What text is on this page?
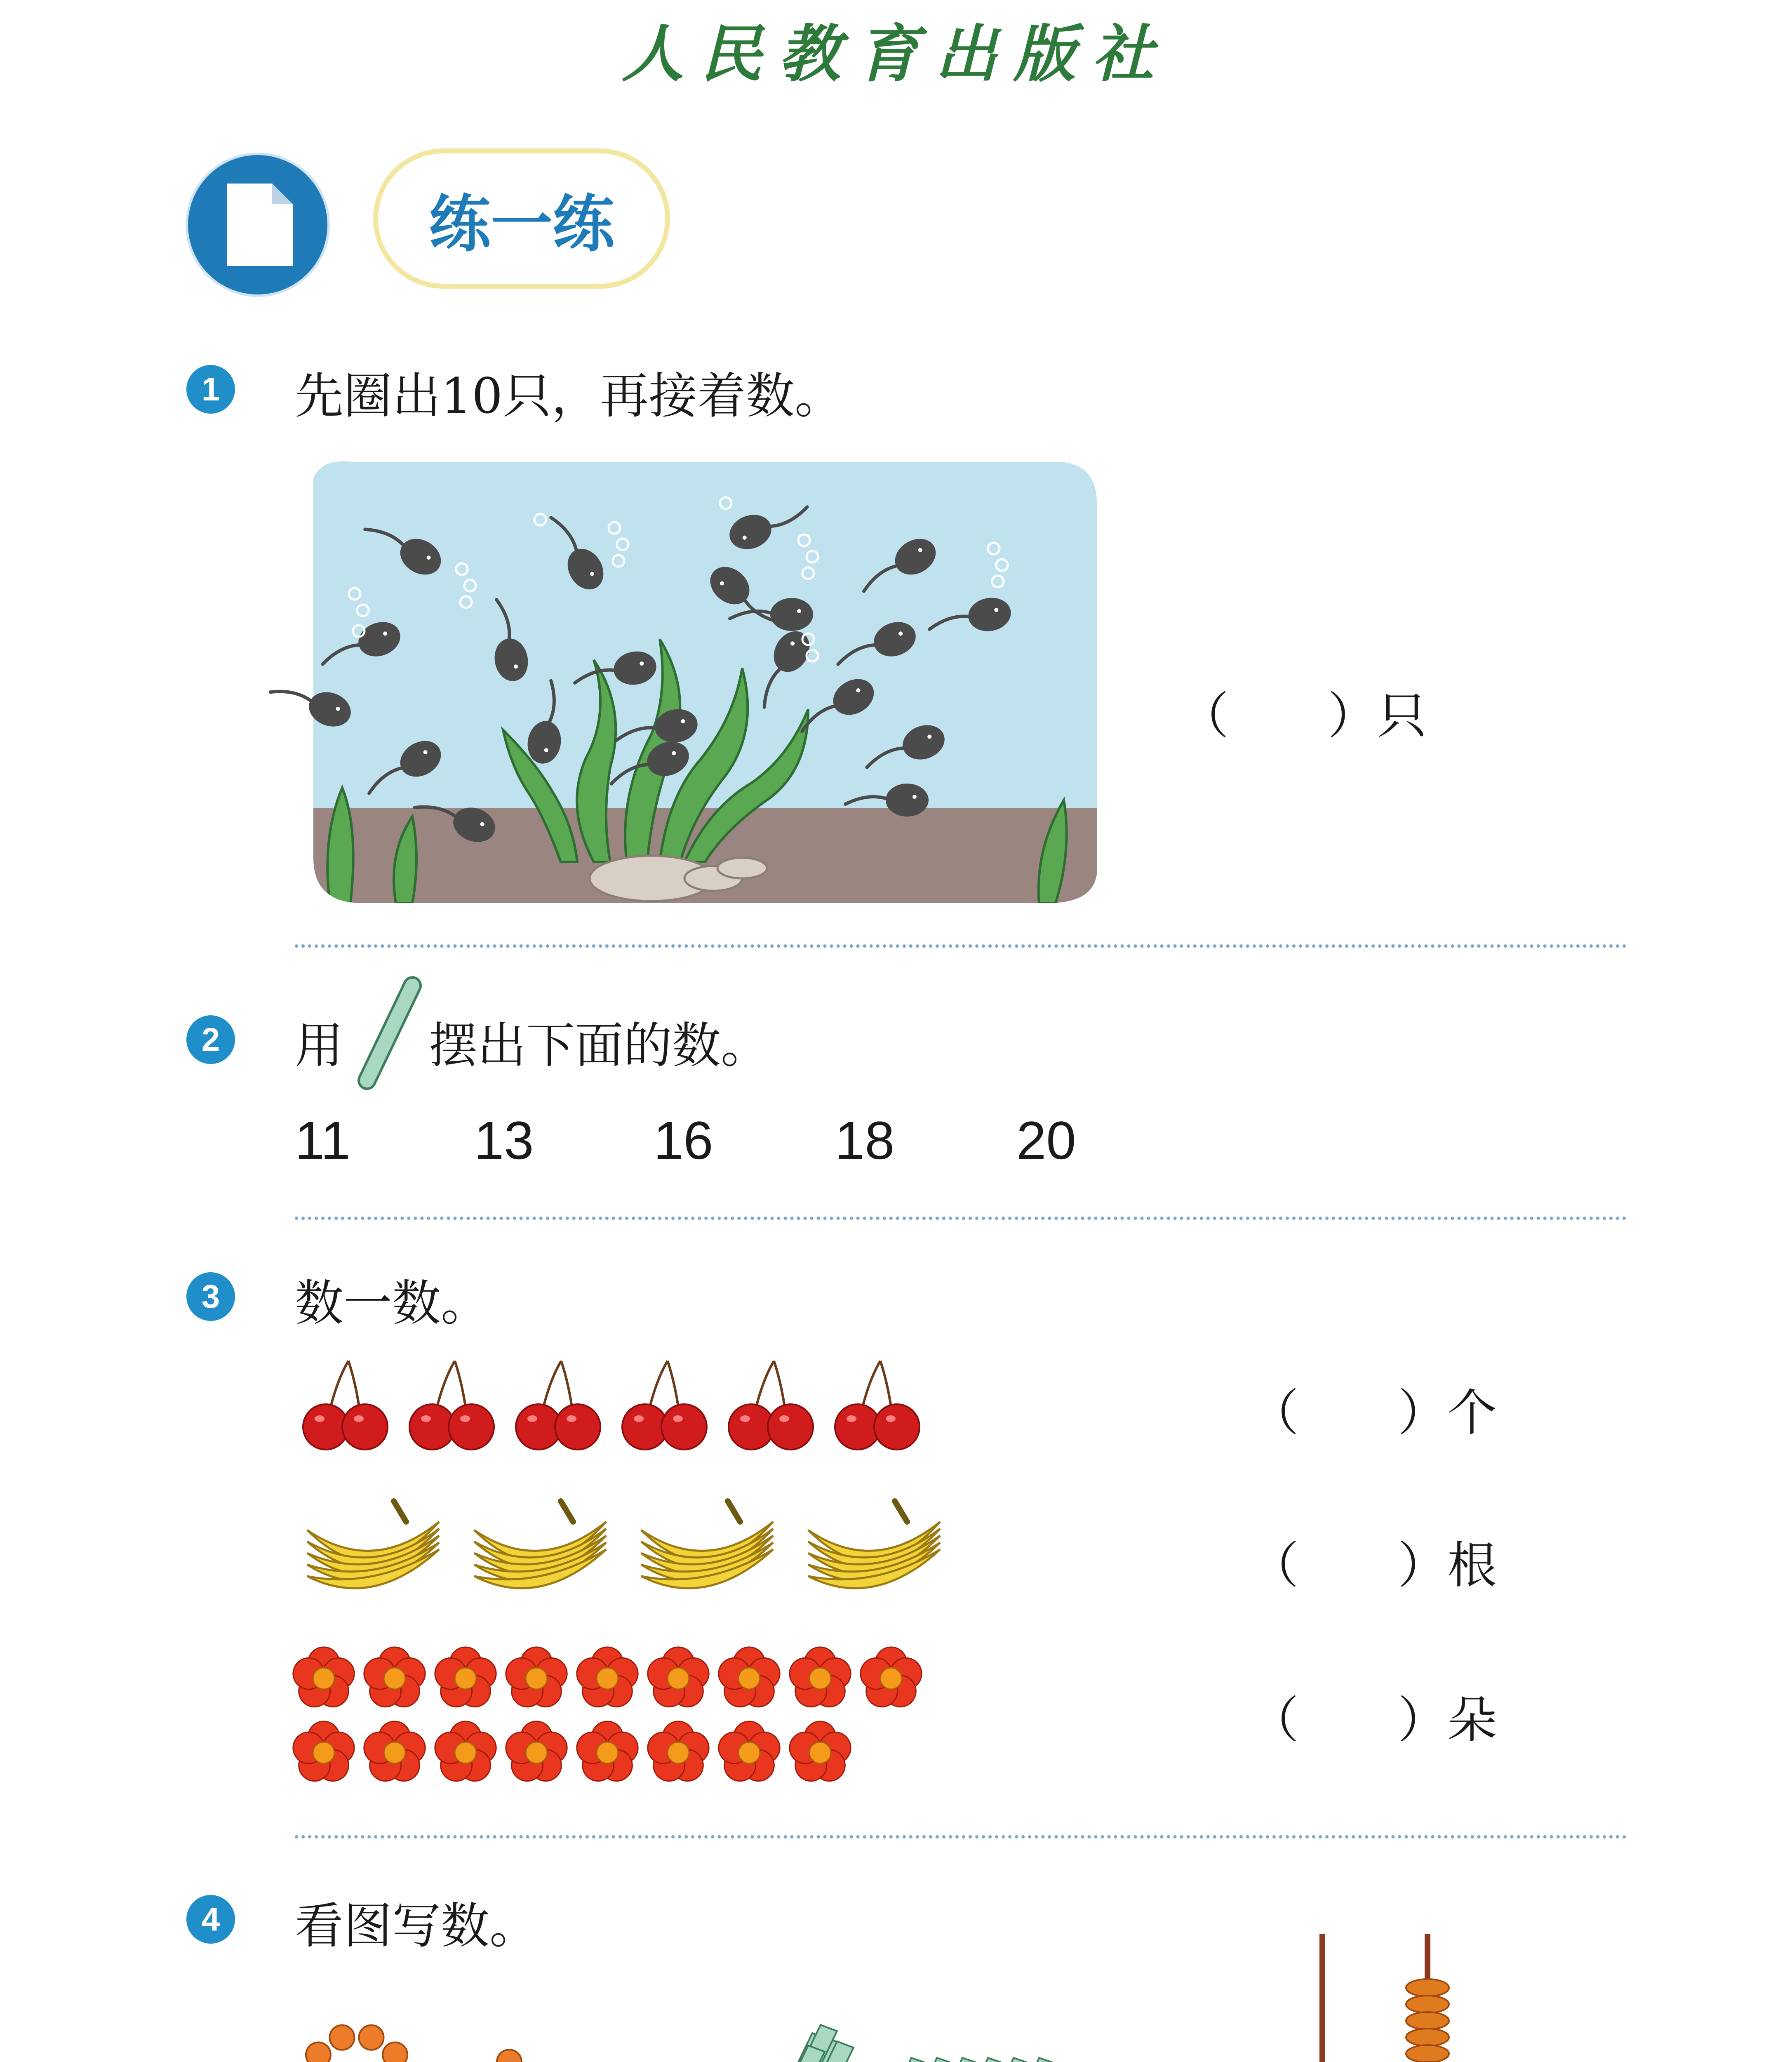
人民教育出版社
练一练
1	先圈出10只，再接着数。
（　　）只
2	用 摆出下面的数。
11 13 16 18 20
3	数一数。
（　　）个
（　　）根
（　　）朵
4	看图写数。
